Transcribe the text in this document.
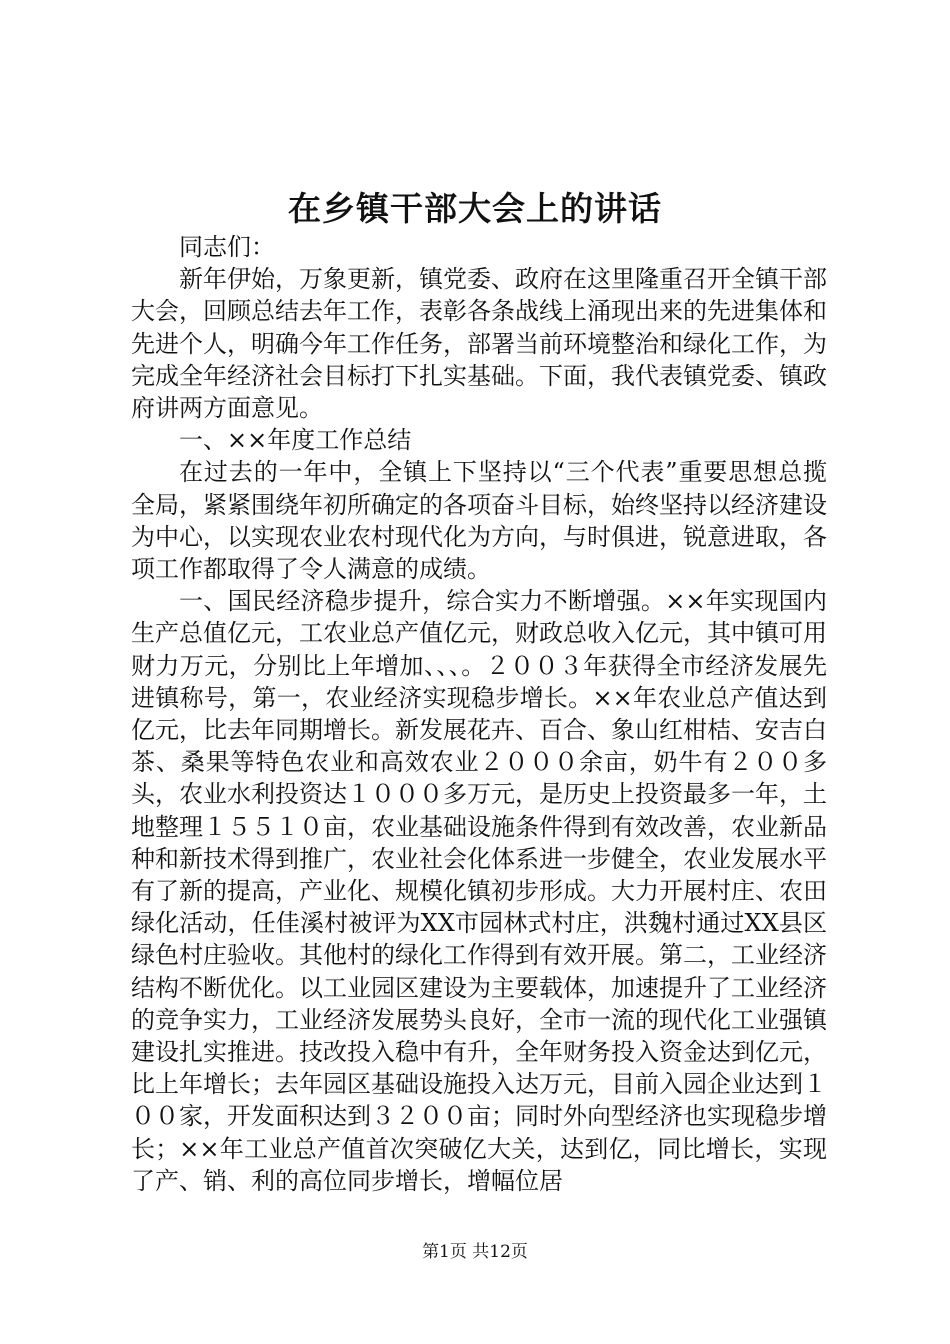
在乡镇干部大会上的讲话

同志们：

新年伊始，万象更新，镇党委、政府在这里隆重召开全镇干部大会，回顾总结去年工作，表彰各条战线上涌现出来的先进集体和先进个人，明确今年工作任务，部署当前环境整治和绿化工作，为完成全年经济社会目标打下扎实基础。下面，我代表镇党委、镇政府讲两方面意见。

一、××年度工作总结

在过去的一年中，全镇上下坚持以“三个代表”重要思想总揽全局，紧紧围绕年初所确定的各项奋斗目标，始终坚持以经济建设为中心，以实现农业农村现代化为方向，与时俱进，锐意进取，各项工作都取得了令人满意的成绩。

一、国民经济稳步提升，综合实力不断增强。××年实现国内生产总值亿元，工农业总产值亿元，财政总收入亿元，其中镇可用财力万元，分别比上年增加、、、。２００３年获得全市经济发展先进镇称号，第一，农业经济实现稳步增长。××年农业总产值达到亿元，比去年同期增长。新发展花卉、百合、象山红柑桔、安吉白茶、桑果等特色农业和高效农业２０００余亩，奶牛有２００多头，农业水利投资达１０００多万元，是历史上投资最多一年，土地整理１５５１０亩，农业基础设施条件得到有效改善，农业新品种和新技术得到推广，农业社会化体系进一步健全，农业发展水平有了新的提高，产业化、规模化镇初步形成。大力开展村庄、农田绿化活动，任佳溪村被评为XX市园林式村庄，洪魏村通过XX县区绿色村庄验收。其他村的绿化工作得到有效开展。第二，工业经济结构不断优化。以工业园区建设为主要载体，加速提升了工业经济的竞争实力，工业经济发展势头良好，全市一流的现代化工业强镇建设扎实推进。技改投入稳中有升，全年财务投入资金达到亿元，比上年增长；去年园区基础设施投入达万元，目前入园企业达到１００家，开发面积达到３２００亩；同时外向型经济也实现稳步增长；××年工业总产值首次突破亿大关，达到亿，同比增长，实现了产、销、利的高位同步增长，增幅位居

第1页 共12页
